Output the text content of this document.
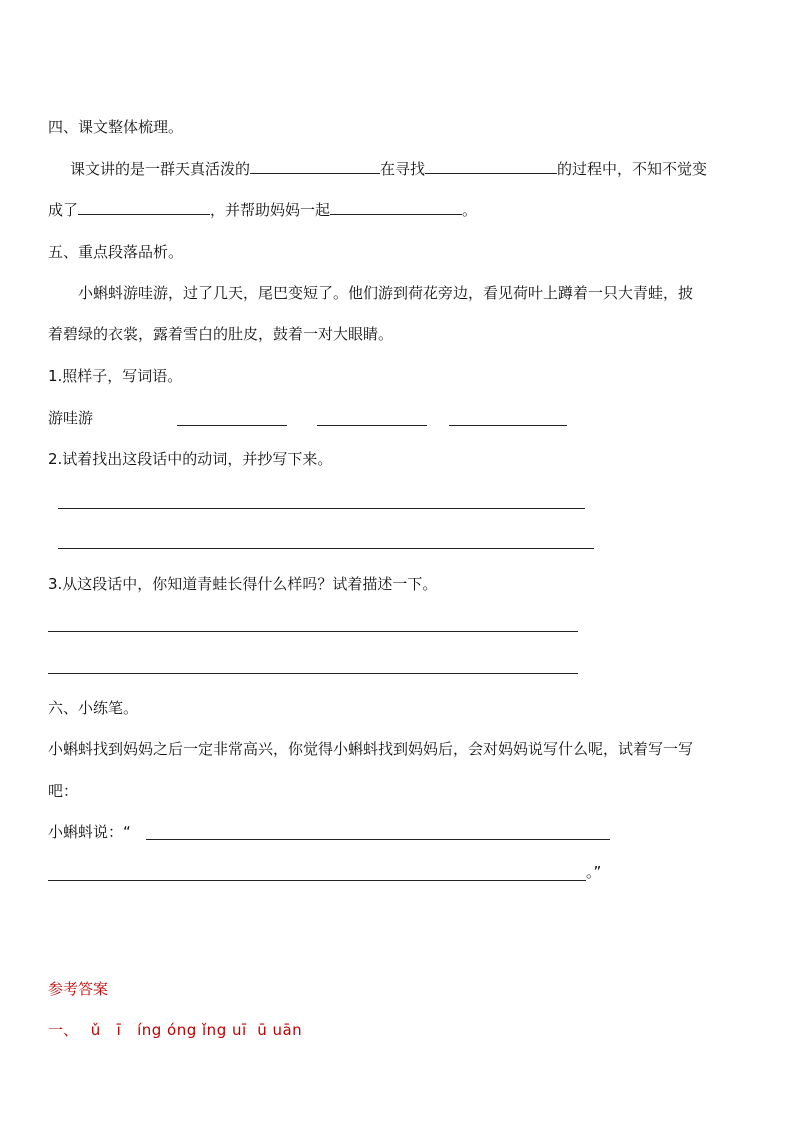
四、课文整体梳理。
课文讲的是一群天真活泼的	在寻找	的过程中，不知不觉变
成了	，并帮助妈妈一起	。
五、重点段落品析。
小蝌蚪游哇游，过了几天，尾巴变短了。他们游到荷花旁边，看见荷叶上蹲着一只大青蛙，披
着碧绿的衣裳，露着雪白的肚皮，鼓着一对大眼睛。
1.照样子，写词语。
游哇游
2.试着找出这段话中的动词，并抄写下来。
3.从这段话中，你知道青蛙长得什么样吗？试着描述一下。
六、小练笔。
小蝌蚪找到妈妈之后一定非常高兴，你觉得小蝌蚪找到妈妈后，会对妈妈说写什么呢，试着写一写
吧：
小蝌蚪说：“
。”
参考答案
一、 ǔ   ī   íng óng ǐng uī  ū uān
